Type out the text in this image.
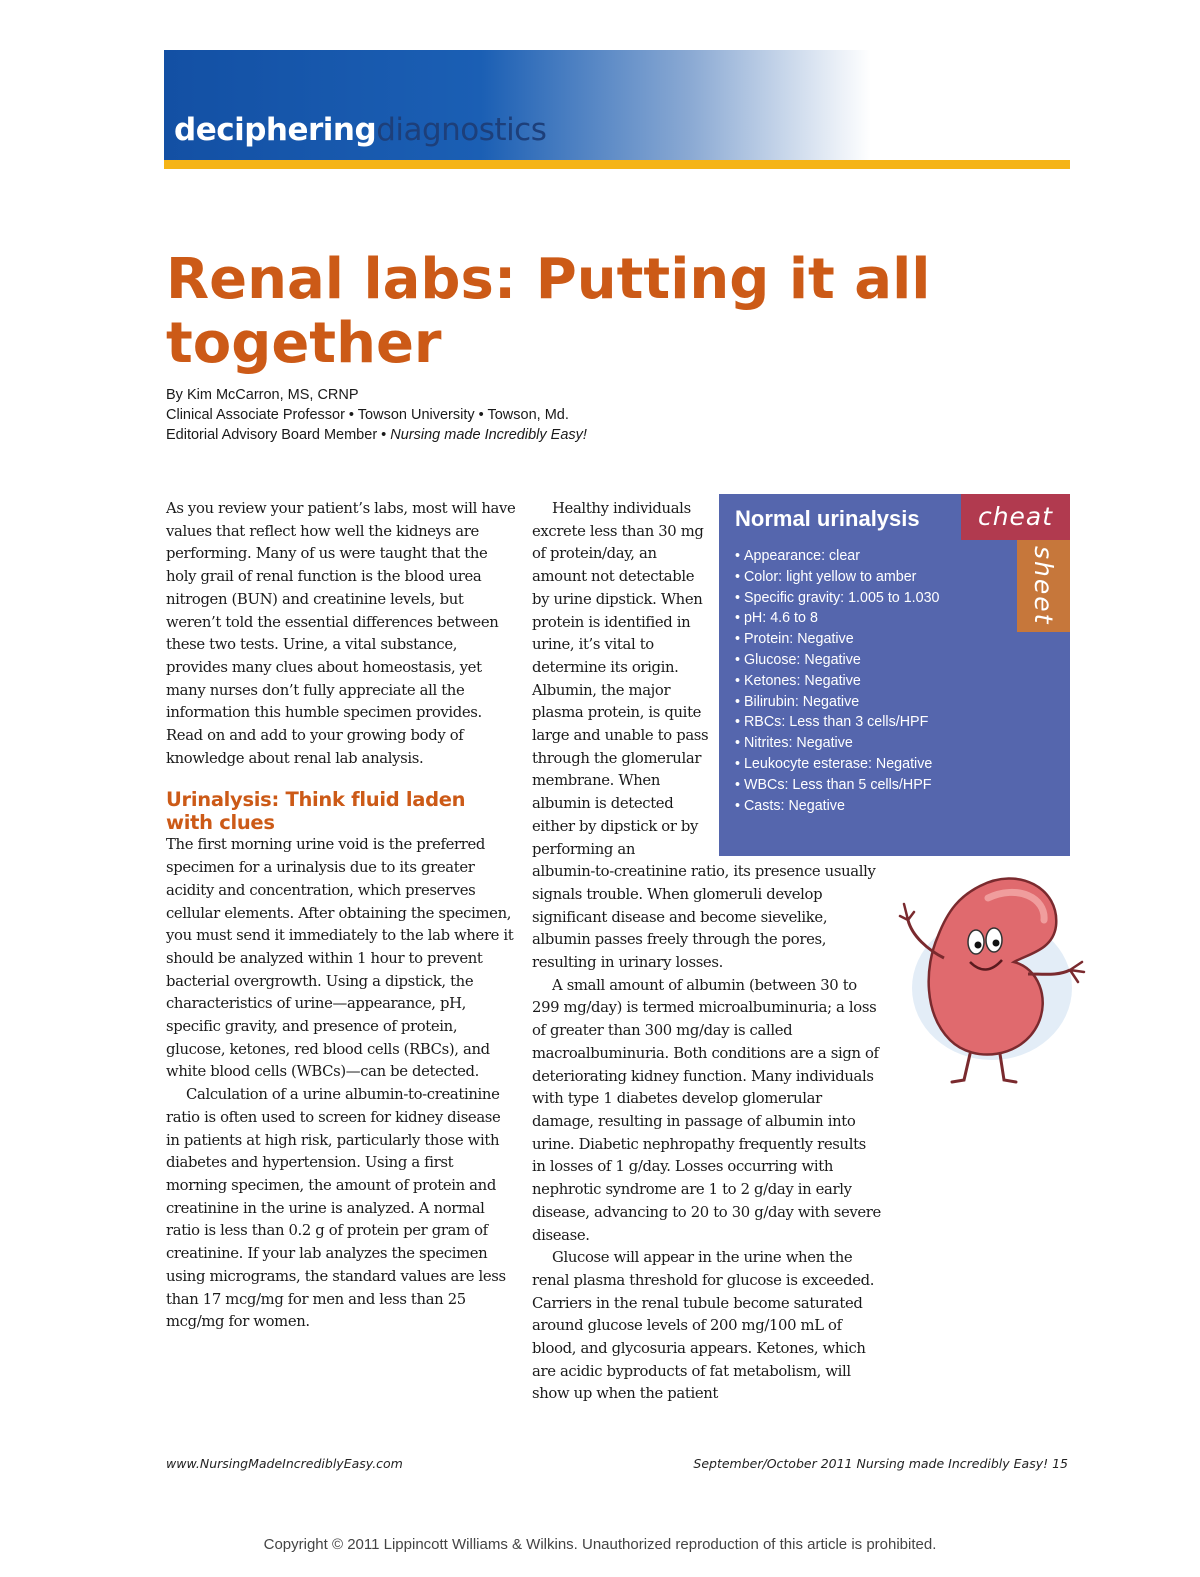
decipheringdiagnostics
Renal labs: Putting it all together
By Kim McCarron, MS, CRNP
Clinical Associate Professor • Towson University • Towson, Md.
Editorial Advisory Board Member • Nursing made Incredibly Easy!

As you review your patient’s labs, most will have values that reflect how well the kidneys are performing. Many of us were taught that the holy grail of renal function is the blood urea nitrogen (BUN) and creatinine levels, but weren’t told the essential differences between these two tests. Urine, a vital substance, provides many clues about homeostasis, yet many nurses don’t fully appreciate all the information this humble specimen provides. Read on and add to your growing body of knowledge about renal lab analysis.

Urinalysis: Think fluid laden with clues

The first morning urine void is the preferred specimen for a urinalysis due to its greater acidity and concentration, which preserves cellular elements. After obtaining the specimen, you must send it immediately to the lab where it should be analyzed within 1 hour to prevent bacterial overgrowth. Using a dipstick, the characteristics of urine—appearance, pH, specific gravity, and presence of protein, glucose, ketones, red blood cells (RBCs), and white blood cells (WBCs)—can be detected.

Calculation of a urine albumin-to-creatinine ratio is often used to screen for kidney disease in patients at high risk, particularly those with diabetes and hypertension. Using a first morning specimen, the amount of protein and creatinine in the urine is analyzed. A normal ratio is less than 0.2 g of protein per gram of creatinine. If your lab analyzes the specimen using micrograms, the standard values are less than 17 mcg/mg for men and less than 25 mcg/mg for women.

Healthy individuals excrete less than 30 mg of protein/day, an amount not detectable by urine dipstick. When protein is identified in urine, it’s vital to determine its origin. Albumin, the major plasma protein, is quite large and unable to pass through the glomerular membrane. When albumin is detected either by dipstick or by performing an

albumin-to-creatinine ratio, its presence usually signals trouble. When glomeruli develop significant disease and become sievelike, albumin passes freely through the pores, resulting in urinary losses.

A small amount of albumin (between 30 to 299 mg/day) is termed microalbuminuria; a loss of greater than 300 mg/day is called macroalbuminuria. Both conditions are a sign of deteriorating kidney function. Many individuals with type 1 diabetes develop glomerular damage, resulting in passage of albumin into urine. Diabetic nephropathy frequently results in losses of 1 g/day. Losses occurring with nephrotic syndrome are 1 to 2 g/day in early disease, advancing to 20 to 30 g/day with severe disease.

Glucose will appear in the urine when the renal plasma threshold for glucose is exceeded. Carriers in the renal tubule become saturated around glucose levels of 200 mg/100 mL of blood, and glycosuria appears. Ketones, which are acidic byproducts of fat metabolism, will show up when the patient

Normal urinalysis	cheat
sheet
• Appearance: clear
• Color: light yellow to amber
• Specific gravity: 1.005 to 1.030
• pH: 4.6 to 8
• Protein: Negative
• Glucose: Negative
• Ketones: Negative
• Bilirubin: Negative
• RBCs: Less than 3 cells/HPF
• Nitrites: Negative
• Leukocyte esterase: Negative
• WBCs: Less than 5 cells/HPF
• Casts: Negative
www.NursingMadeIncrediblyEasy.com	September/October 2011 Nursing made Incredibly Easy! 15
Copyright © 2011 Lippincott Williams & Wilkins. Unauthorized reproduction of this article is prohibited.
